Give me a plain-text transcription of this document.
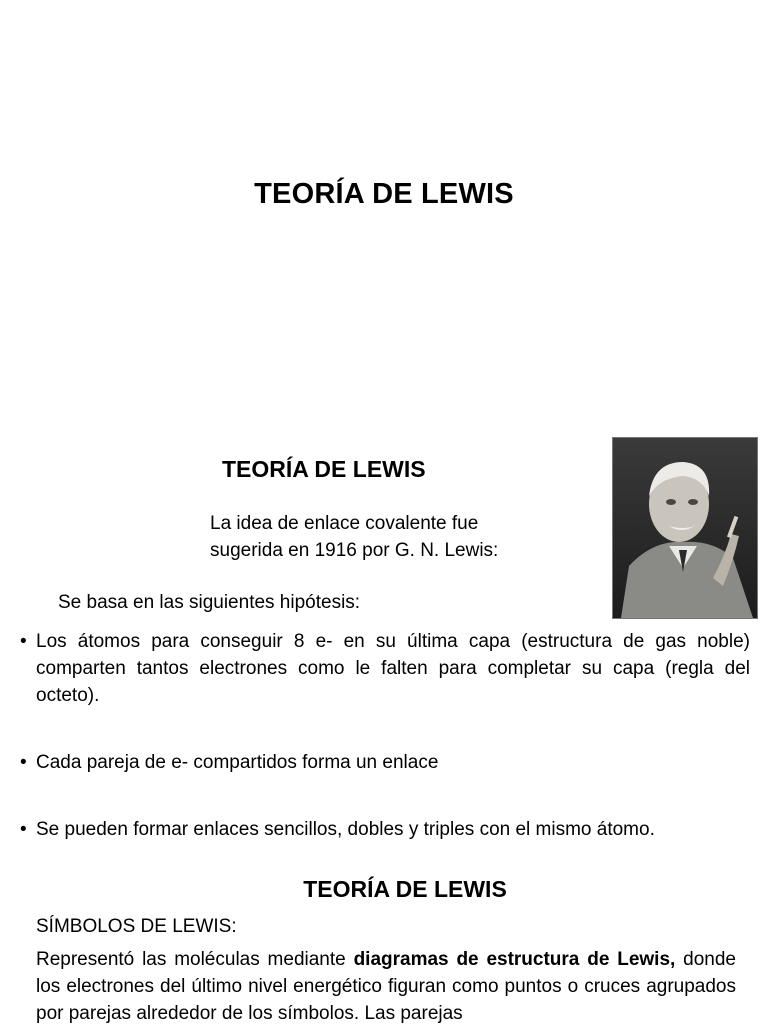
TEORÍA DE LEWIS
TEORÍA DE LEWIS
La idea de enlace covalente fue
sugerida en 1916 por G. N. Lewis:
Se basa en las siguientes hipótesis:
• Los átomos para conseguir 8 e- en su última capa (estructura de gas noble) comparten tantos electrones como le falten para completar su capa (regla del octeto).
• Cada pareja de e- compartidos forma un enlace
• Se pueden formar enlaces sencillos, dobles y triples con el mismo átomo.
TEORÍA DE LEWIS
SÍMBOLOS DE LEWIS:

Representó las moléculas mediante diagramas de estructura de Lewis, donde los electrones del último nivel energético figuran como puntos o cruces agrupados por parejas alrededor de los símbolos. Las parejas
